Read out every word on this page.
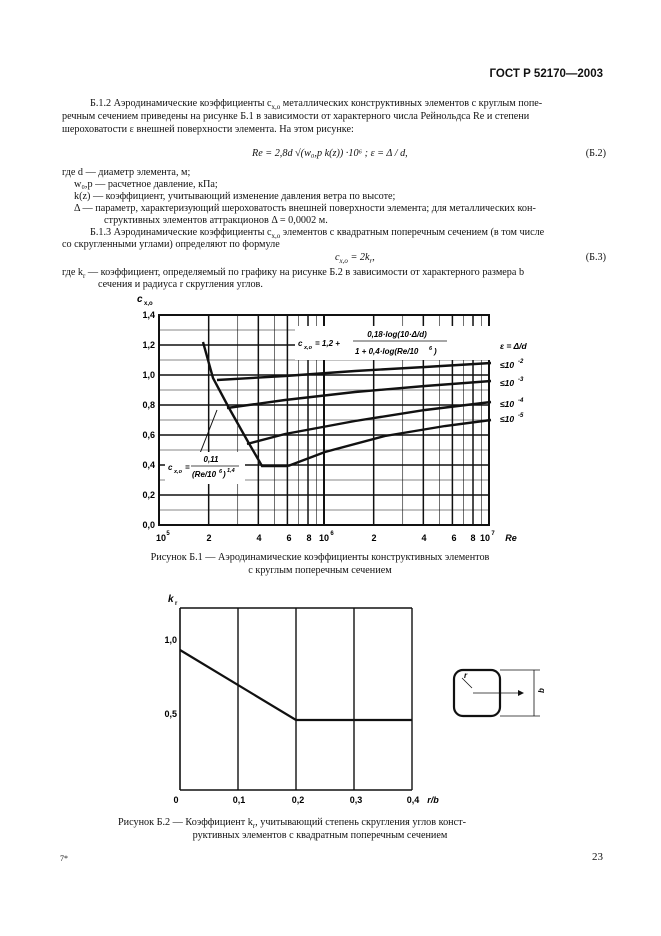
ГОСТ Р 52170—2003
Б.1.2 Аэродинамические коэффициенты $c_{x,o}$ металлических конструктивных элементов с круглым попе-
речным сечением приведены на рисунке Б.1 в зависимости от характерного числа Рейнольдса Re и степени
шероховатости ε внешней поверхности элемента. На этом рисунке:
Re = 2,8d √(w₀,р k(z)) ·10⁶ ; ε = Δ / d,	(Б.2)
где d — диаметр элемента, м;
w₀,р — расчетное давление, кПа;
k(z) — коэффициент, учитывающий изменение давления ветра по высоте;
Δ — параметр, характеризующий шероховатость внешней поверхности элемента; для металлических кон-
структивных элементов аттракционов Δ = 0,0002 м.
Б.1.3 Аэродинамические коэффициенты $c_{x,o}$ элементов с квадратным поперечным сечением (в том числе
со скругленными углами) определяют по формуле
$c_{x,o} = 2k_r$,	(Б.3)
где $k_r$ — коэффициент, определяемый по графику на рисунке Б.2 в зависимости от характерного размера b
сечения и радиуса r скругления углов.
c x,o
1,4
1,2
1,0
0,8
0,6
0,4
0,2
0,0
10 5	2	4	6 8 10 6	2	4	6 8 10 7 Re
ε = Δ/d
≤10 -2
≤10 -3
≤10 -4
≤10 -5
c x,o = 1,2 +
0,18·log(10·Δ/d)
1 + 0,4·log(Re/10 6 )
c x,o =
0,11
(Re/10 6 ) 1,4
Рисунок Б.1 — Аэродинамические коэффициенты конструктивных элементов
с круглым поперечным сечением
k r
1,0
0,5
0	0,1	0,2	0,3	0,4 r/b
r
b
Рисунок Б.2 — Коэффициент $k_r$, учитывающий степень скругления углов конст-
руктивных элементов с квадратным поперечным сечением
7*	23
